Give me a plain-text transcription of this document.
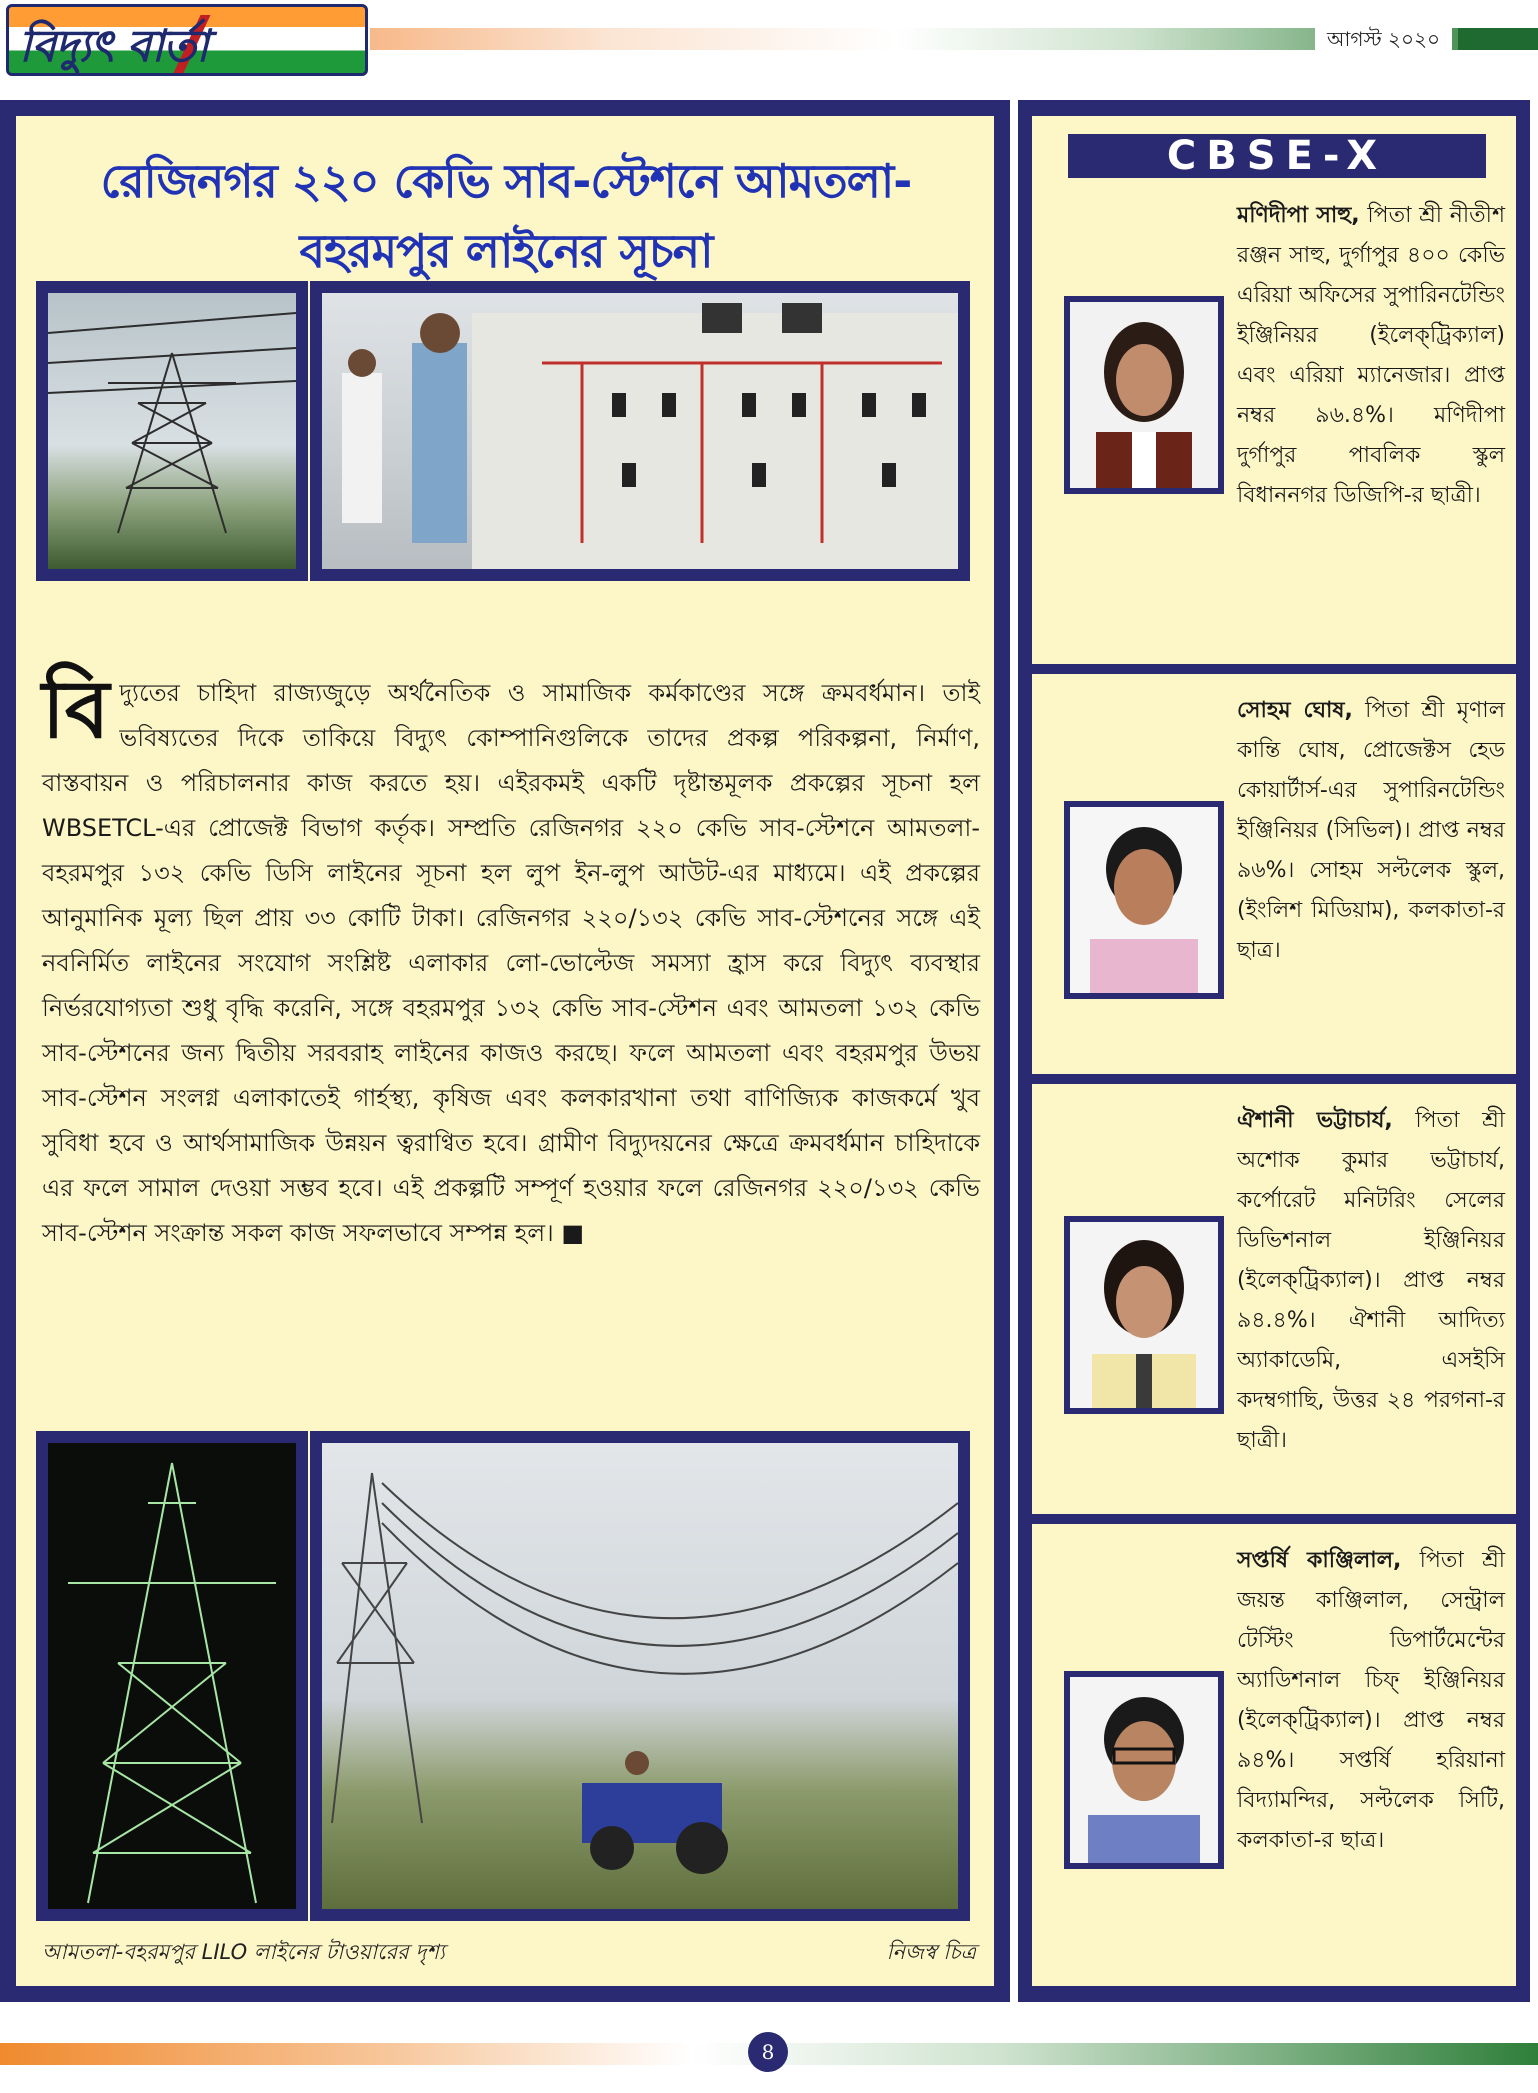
বিদ্যুৎ বার্তা	আগস্ট ২০২০
রেজিনগর ২২০ কেভি সাব-স্টেশনে আমতলা-বহরমপুর লাইনের সূচনা
বিদ্যুতের চাহিদা রাজ্যজুড়ে অর্থনৈতিক ও সামাজিক কর্মকাণ্ডের সঙ্গে ক্রমবর্ধমান। তাই ভবিষ্যতের দিকে তাকিয়ে বিদ্যুৎ কোম্পানিগুলিকে তাদের প্রকল্প পরিকল্পনা, নির্মাণ, বাস্তবায়ন ও পরিচালনার কাজ করতে হয়। এইরকমই একটি দৃষ্টান্তমূলক প্রকল্পের সূচনা হল WBSETCL-এর প্রোজেক্ট বিভাগ কর্তৃক। সম্প্রতি রেজিনগর ২২০ কেভি সাব-স্টেশনে আমতলা-বহরমপুর ১৩২ কেভি ডিসি লাইনের সূচনা হল লুপ ইন-লুপ আউট-এর মাধ্যমে। এই প্রকল্পের আনুমানিক মূল্য ছিল প্রায় ৩৩ কোটি টাকা। রেজিনগর ২২০/১৩২ কেভি সাব-স্টেশনের সঙ্গে এই নবনির্মিত লাইনের সংযোগ সংশ্লিষ্ট এলাকার লো-ভোল্টেজ সমস্যা হ্রাস করে বিদ্যুৎ ব্যবস্থার নির্ভরযোগ্যতা শুধু বৃদ্ধি করেনি, সঙ্গে বহরমপুর ১৩২ কেভি সাব-স্টেশন এবং আমতলা ১৩২ কেভি সাব-স্টেশনের জন্য দ্বিতীয় সরবরাহ লাইনের কাজও করছে। ফলে আমতলা এবং বহরমপুর উভয় সাব-স্টেশন সংলগ্ন এলাকাতেই গার্হস্থ্য, কৃষিজ এবং কলকারখানা তথা বাণিজ্যিক কাজকর্মে খুব সুবিধা হবে ও আর্থসামাজিক উন্নয়ন ত্বরাণ্বিত হবে। গ্রামীণ বিদ্যুদয়নের ক্ষেত্রে ক্রমবর্ধমান চাহিদাকে এর ফলে সামাল দেওয়া সম্ভব হবে। এই প্রকল্পটি সম্পূর্ণ হওয়ার ফলে রেজিনগর ২২০/১৩২ কেভি সাব-স্টেশন সংক্রান্ত সকল কাজ সফলভাবে সম্পন্ন হল। ■
আমতলা-বহরমপুর LILO লাইনের টাওয়ারের দৃশ্য	নিজস্ব চিত্র
CBSE-X
মণিদীপা সাহু, পিতা শ্রী নীতীশ রঞ্জন সাহু, দুর্গাপুর ৪০০ কেভি এরিয়া অফিসের সুপারিনটেন্ডিং ইঞ্জিনিয়র (ইলেক্‌ট্রিক্যাল) এবং এরিয়া ম্যানেজার। প্রাপ্ত নম্বর ৯৬.৪%। মণিদীপা দুর্গাপুর পাবলিক স্কুল বিধাননগর ডিজিপি-র ছাত্রী।
সোহম ঘোষ, পিতা শ্রী মৃণাল কান্তি ঘোষ, প্রোজেক্টস হেড কোয়ার্টার্স-এর সুপারিনটেন্ডিং ইঞ্জিনিয়র (সিভিল)। প্রাপ্ত নম্বর ৯৬%। সোহম সল্টলেক স্কুল, (ইংলিশ মিডিয়াম), কলকাতা-র ছাত্র।
ঐশানী ভট্টাচার্য, পিতা শ্রী অশোক কুমার ভট্টাচার্য, কর্পোরেট মনিটরিং সেলের ডিভিশনাল ইঞ্জিনিয়র (ইলেক্‌ট্রিক্যাল)। প্রাপ্ত নম্বর ৯৪.৪%। ঐশানী আদিত্য অ্যাকাডেমি, এসইসি কদম্বগাছি, উত্তর ২৪ পরগনা-র ছাত্রী।
সপ্তর্ষি কাঞ্জিলাল, পিতা শ্রী জয়ন্ত কাঞ্জিলাল, সেন্ট্রাল টেস্টিং ডিপার্টমেন্টের অ্যাডিশনাল চিফ্‌ ইঞ্জিনিয়র (ইলেক্‌ট্রিক্যাল)। প্রাপ্ত নম্বর ৯৪%। সপ্তর্ষি হরিয়ানা বিদ্যামন্দির, সল্টলেক সিটি, কলকাতা-র ছাত্র।
8
